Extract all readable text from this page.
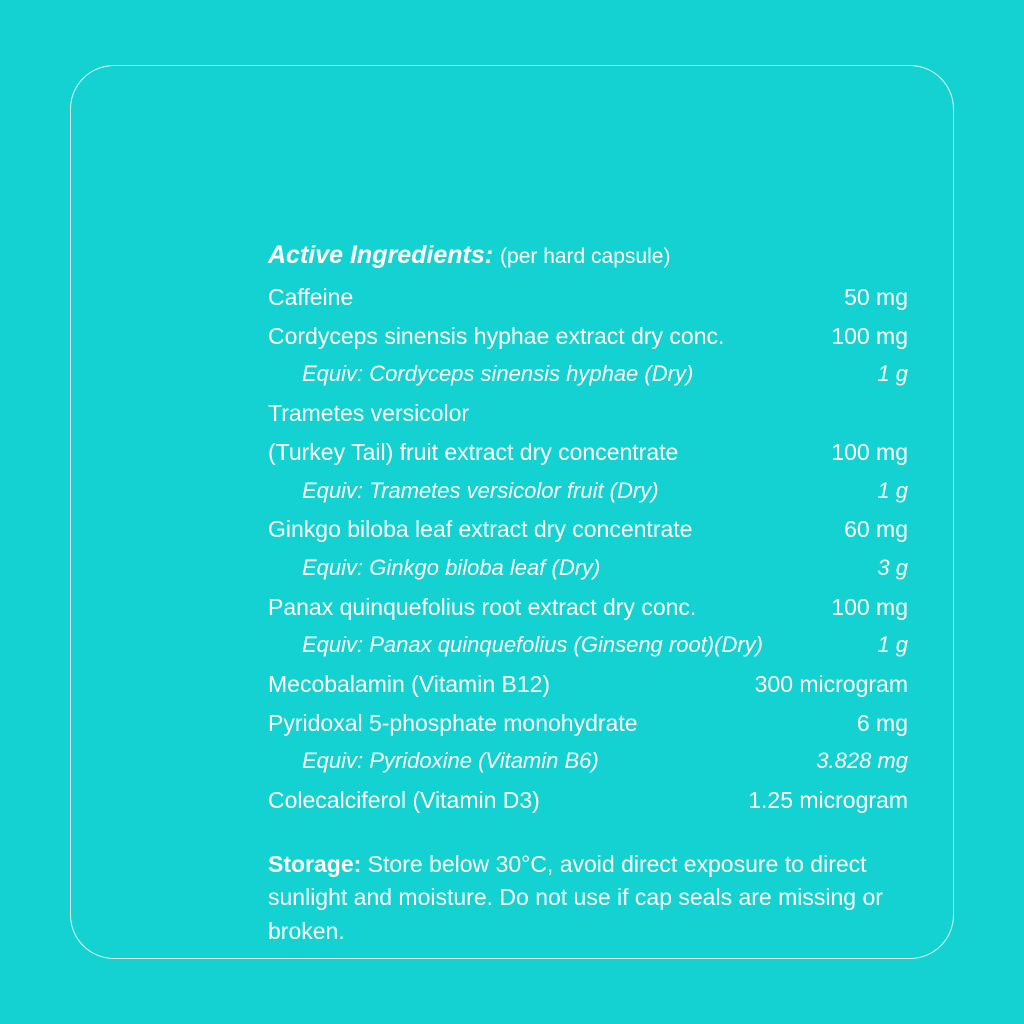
Active Ingredients: (per hard capsule)
Caffeine	50 mg
Cordyceps sinensis hyphae extract dry conc.	100 mg
Equiv: Cordyceps sinensis hyphae (Dry)	1 g
Trametes versicolor
(Turkey Tail) fruit extract dry concentrate	100 mg
Equiv: Trametes versicolor fruit (Dry)	1 g
Ginkgo biloba leaf extract dry concentrate	60 mg
Equiv: Ginkgo biloba leaf (Dry)	3 g
Panax quinquefolius root extract dry conc.	100 mg
Equiv: Panax quinquefolius (Ginseng root)(Dry)	1 g
Mecobalamin (Vitamin B12)	300 microgram
Pyridoxal 5-phosphate monohydrate	6 mg
Equiv: Pyridoxine (Vitamin B6)	3.828 mg
Colecalciferol (Vitamin D3)	1.25 microgram
Storage: Store below 30°C, avoid direct exposure to direct sunlight and moisture. Do not use if cap seals are missing or broken.
